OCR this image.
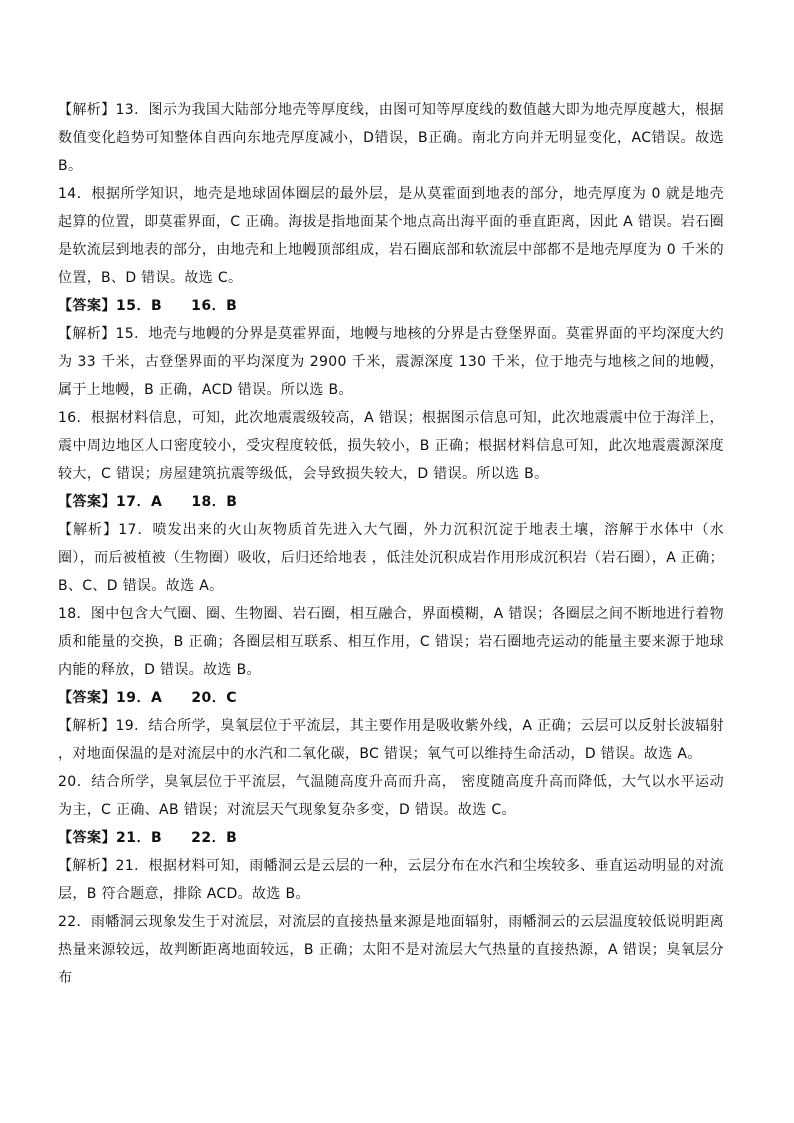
【解析】13．图示为我国大陆部分地壳等厚度线，由图可知等厚度线的数值越大即为地壳厚度越大，根据数值变化趋势可知整体自西向东地壳厚度减小，D错误，B正确。南北方向并无明显变化，AC错误。故选B。

14．根据所学知识，地壳是地球固体圈层的最外层，是从莫霍面到地表的部分，地壳厚度为 0 就是地壳起算的位置，即莫霍界面，C 正确。海拔是指地面某个地点高出海平面的垂直距离，因此 A 错误。岩石圈是软流层到地表的部分，由地壳和上地幔顶部组成，岩石圈底部和软流层中部都不是地壳厚度为 0 千米的位置，B、D 错误。故选 C。

【答案】15．B　　16．B

【解析】15．地壳与地幔的分界是莫霍界面，地幔与地核的分界是古登堡界面。莫霍界面的平均深度大约为 33 千米，古登堡界面的平均深度为 2900 千米，震源深度 130 千米，位于地壳与地核之间的地幔，属于上地幔，B 正确，ACD 错误。所以选 B。

16．根据材料信息，可知，此次地震震级较高，A 错误；根据图示信息可知，此次地震震中位于海洋上，震中周边地区人口密度较小，受灾程度较低，损失较小，B 正确；根据材料信息可知，此次地震震源深度较大，C 错误；房屋建筑抗震等级低，会导致损失较大，D 错误。所以选 B。

【答案】17．A　　18．B

【解析】17．喷发出来的火山灰物质首先进入大气圈，外力沉积沉淀于地表土壤，溶解于水体中（水圈），而后被植被（生物圈）吸收，后归还给地表 ，低洼处沉积成岩作用形成沉积岩（岩石圈），A 正确；B、C、D 错误。故选 A。

18．图中包含大气圈、圈、生物圈、岩石圈，相互融合，界面模糊，A 错误；各圈层之间不断地进行着物质和能量的交换，B 正确；各圈层相互联系、相互作用，C 错误；岩石圈地壳运动的能量主要来源于地球内能的释放，D 错误。故选 B。

【答案】19．A　　20．C

【解析】19．结合所学，臭氧层位于平流层，其主要作用是吸收紫外线，A 正确；云层可以反射长波辐射 ，对地面保温的是对流层中的水汽和二氧化碳，BC 错误；氧气可以维持生命活动，D 错误。故选 A。

20．结合所学，臭氧层位于平流层，气温随高度升高而升高， 密度随高度升高而降低，大气以水平运动为主，C 正确、AB 错误；对流层天气现象复杂多变，D 错误。故选 C。

【答案】21．B　　22．B

【解析】21．根据材料可知，雨幡洞云是云层的一种，云层分布在水汽和尘埃较多、垂直运动明显的对流层，B 符合题意，排除 ACD。故选 B。

22．雨幡洞云现象发生于对流层，对流层的直接热量来源是地面辐射，雨幡洞云的云层温度较低说明距离热量来源较远，故判断距离地面较远，B 正确；太阳不是对流层大气热量的直接热源，A 错误；臭氧层分布
